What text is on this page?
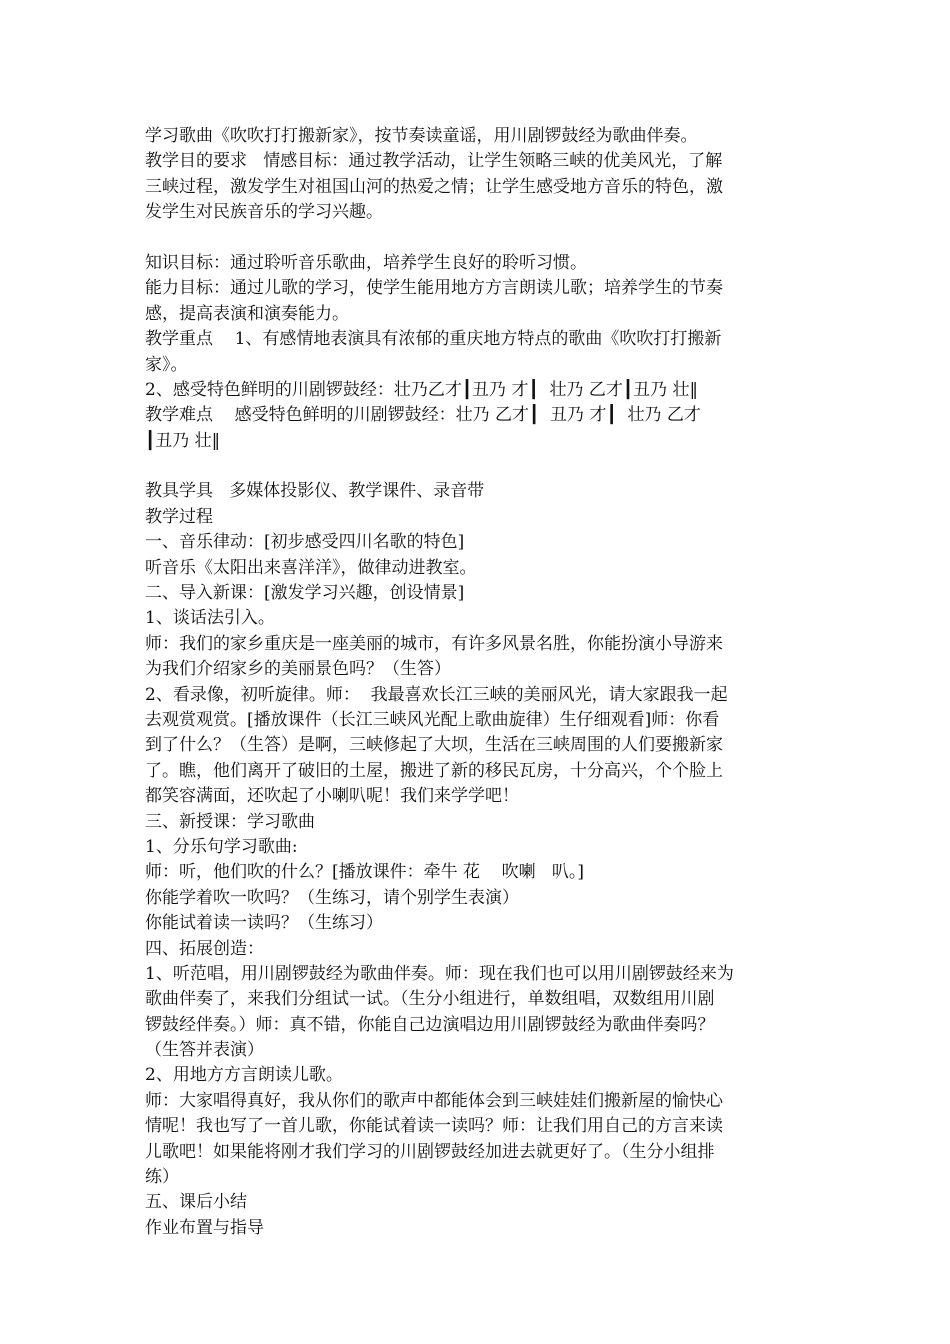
学习歌曲《吹吹打打搬新家》，按节奏读童谣，用川剧锣鼓经为歌曲伴奏。
教学目的要求   情感目标：通过教学活动，让学生领略三峡的优美风光，了解
三峡过程，激发学生对祖国山河的热爱之情；让学生感受地方音乐的特色，激
发学生对民族音乐的学习兴趣。
知识目标：通过聆听音乐歌曲，培养学生良好的聆听习惯。
能力目标：通过儿歌的学习，使学生能用地方方言朗读儿歌；培养学生的节奏
感，提高表演和演奏能力。
教学重点    1、有感情地表演具有浓郁的重庆地方特点的歌曲《吹吹打打搬新
家》。
2、感受特色鲜明的川剧锣鼓经：壮乃乙才┃丑乃 才┃  壮乃 乙才┃丑乃 壮‖
教学难点    感受特色鲜明的川剧锣鼓经：壮乃 乙才┃  丑乃 才┃  壮乃 乙才
┃丑乃 壮‖
教具学具   多媒体投影仪、教学课件、录音带
教学过程
一、音乐律动：[初步感受四川名歌的特色]
听音乐《太阳出来喜洋洋》，做律动进教室。
二、导入新课：[激发学习兴趣，创设情景]
1、谈话法引入。
师：我们的家乡重庆是一座美丽的城市，有许多风景名胜，你能扮演小导游来
为我们介绍家乡的美丽景色吗？（生答）
2、看录像，初听旋律。师：  我最喜欢长江三峡的美丽风光，请大家跟我一起
去观赏观赏。[播放课件（长江三峡风光配上歌曲旋律）生仔细观看]师：你看
到了什么？（生答）是啊，三峡修起了大坝，生活在三峡周围的人们要搬新家
了。瞧，他们离开了破旧的土屋，搬进了新的移民瓦房，十分高兴，个个脸上
都笑容满面，还吹起了小喇叭呢！我们来学学吧！
三、新授课：学习歌曲
1、分乐句学习歌曲:
师：听，他们吹的什么？[播放课件：牵牛 花    吹喇   叭。]
你能学着吹一吹吗？（生练习，请个别学生表演）
你能试着读一读吗？（生练习）
四、拓展创造：
1、听范唱，用川剧锣鼓经为歌曲伴奏。师：现在我们也可以用川剧锣鼓经来为
歌曲伴奏了，来我们分组试一试。（生分小组进行，单数组唱，双数组用川剧
锣鼓经伴奏。）师：真不错，你能自己边演唱边用川剧锣鼓经为歌曲伴奏吗？
（生答并表演）
2、用地方方言朗读儿歌。
师：大家唱得真好，我从你们的歌声中都能体会到三峡娃娃们搬新屋的愉快心
情呢！我也写了一首儿歌，你能试着读一读吗？师：让我们用自己的方言来读
儿歌吧！如果能将刚才我们学习的川剧锣鼓经加进去就更好了。（生分小组排
练）
五、课后小结
作业布置与指导
